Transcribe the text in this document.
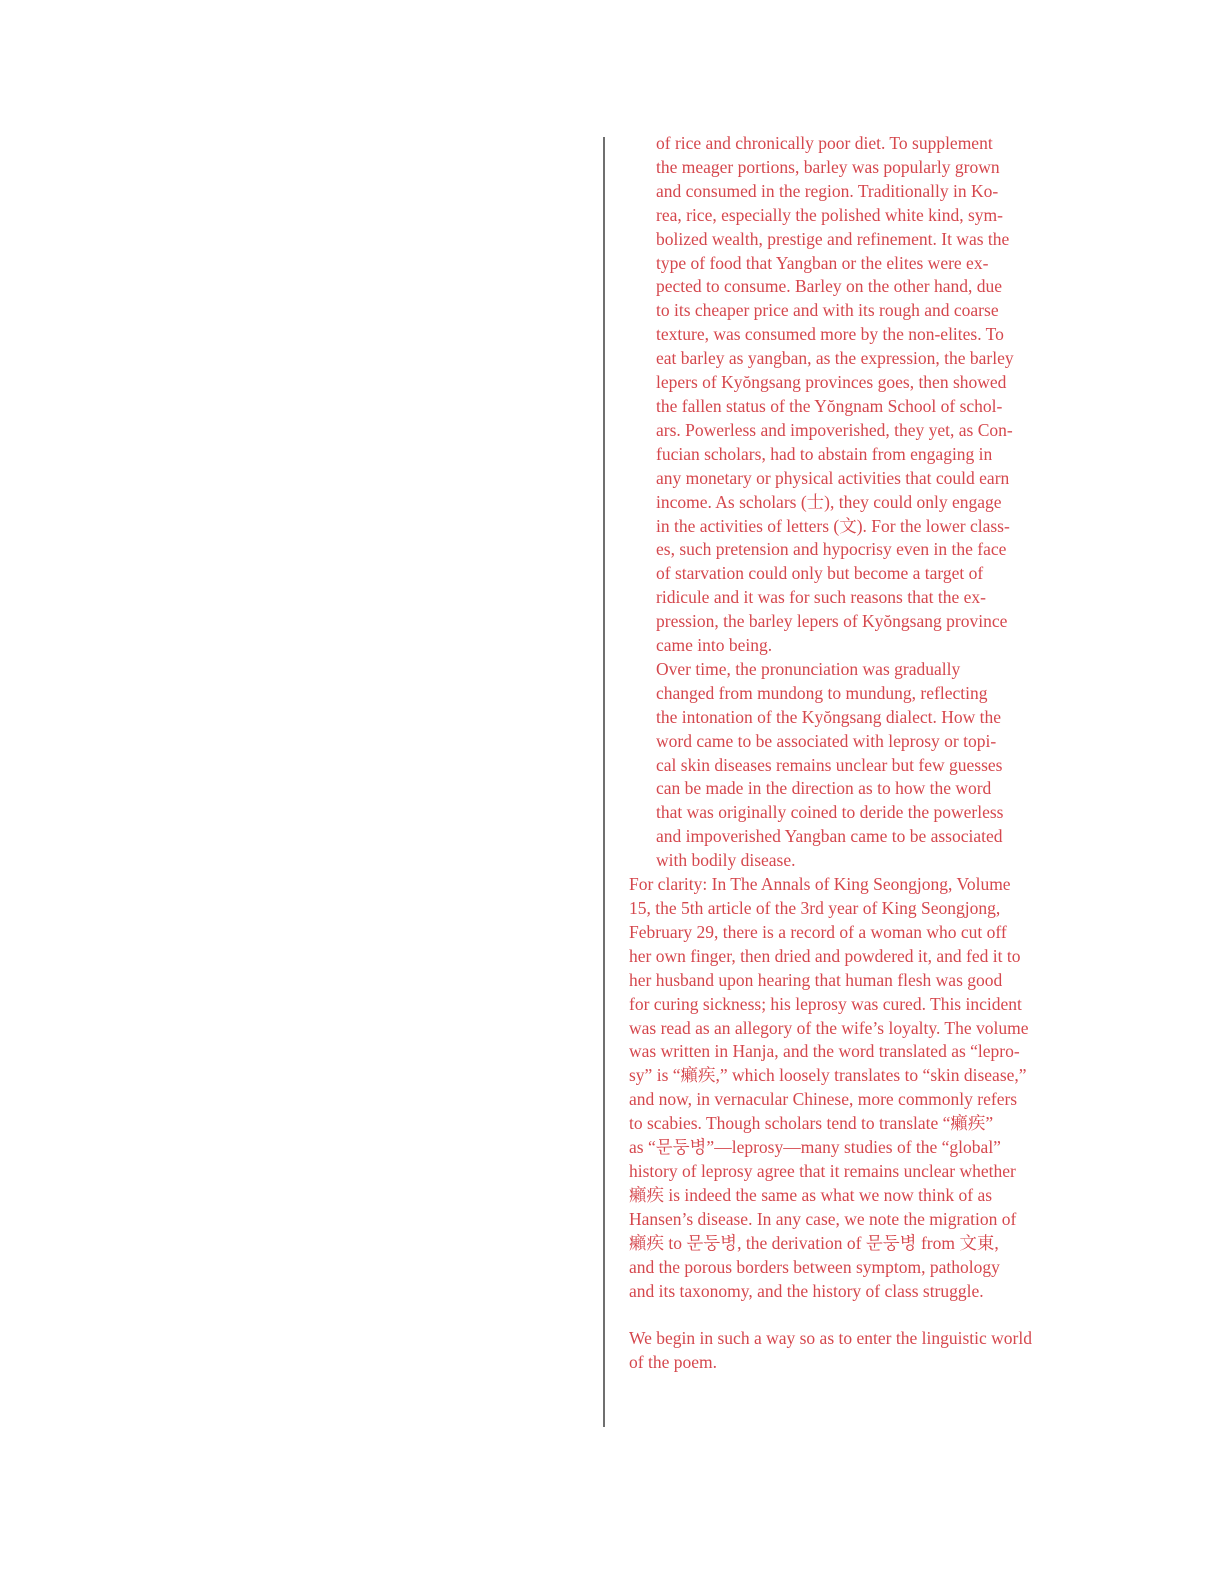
of rice and chronically poor diet. To supplement
the meager portions, barley was popularly grown
and consumed in the region. Traditionally in Ko-
rea, rice, especially the polished white kind, sym-
bolized wealth, prestige and refinement. It was the
type of food that Yangban or the elites were ex-
pected to consume. Barley on the other hand, due
to its cheaper price and with its rough and coarse
texture, was consumed more by the non-elites. To
eat barley as yangban, as the expression, the barley
lepers of Kyŏngsang provinces goes, then showed
the fallen status of the Yŏngnam School of schol-
ars. Powerless and impoverished, they yet, as Con-
fucian scholars, had to abstain from engaging in
any monetary or physical activities that could earn
income. As scholars (士), they could only engage
in the activities of letters (文). For the lower class-
es, such pretension and hypocrisy even in the face
of starvation could only but become a target of
ridicule and it was for such reasons that the ex-
pression, the barley lepers of Kyŏngsang province
came into being.
Over time, the pronunciation was gradually
changed from mundong to mundung, reflecting
the intonation of the Kyŏngsang dialect. How the
word came to be associated with leprosy or topi-
cal skin diseases remains unclear but few guesses
can be made in the direction as to how the word
that was originally coined to deride the powerless
and impoverished Yangban came to be associated
with bodily disease.
For clarity: In The Annals of King Seongjong, Volume
15, the 5th article of the 3rd year of King Seongjong,
February 29, there is a record of a woman who cut off
her own finger, then dried and powdered it, and fed it to
her husband upon hearing that human flesh was good
for curing sickness; his leprosy was cured. This incident
was read as an allegory of the wife’s loyalty. The volume
was written in Hanja, and the word translated as “lepro-
sy” is “癩疾,” which loosely translates to “skin disease,”
and now, in vernacular Chinese, more commonly refers
to scabies. Though scholars tend to translate “癩疾”
as “문둥병”—leprosy—many studies of the “global”
history of leprosy agree that it remains unclear whether
癩疾 is indeed the same as what we now think of as
Hansen’s disease. In any case, we note the migration of
癩疾 to 문둥병, the derivation of 문둥병 from 文東,
and the porous borders between symptom, pathology
and its taxonomy, and the history of class struggle.
We begin in such a way so as to enter the linguistic world
of the poem.
